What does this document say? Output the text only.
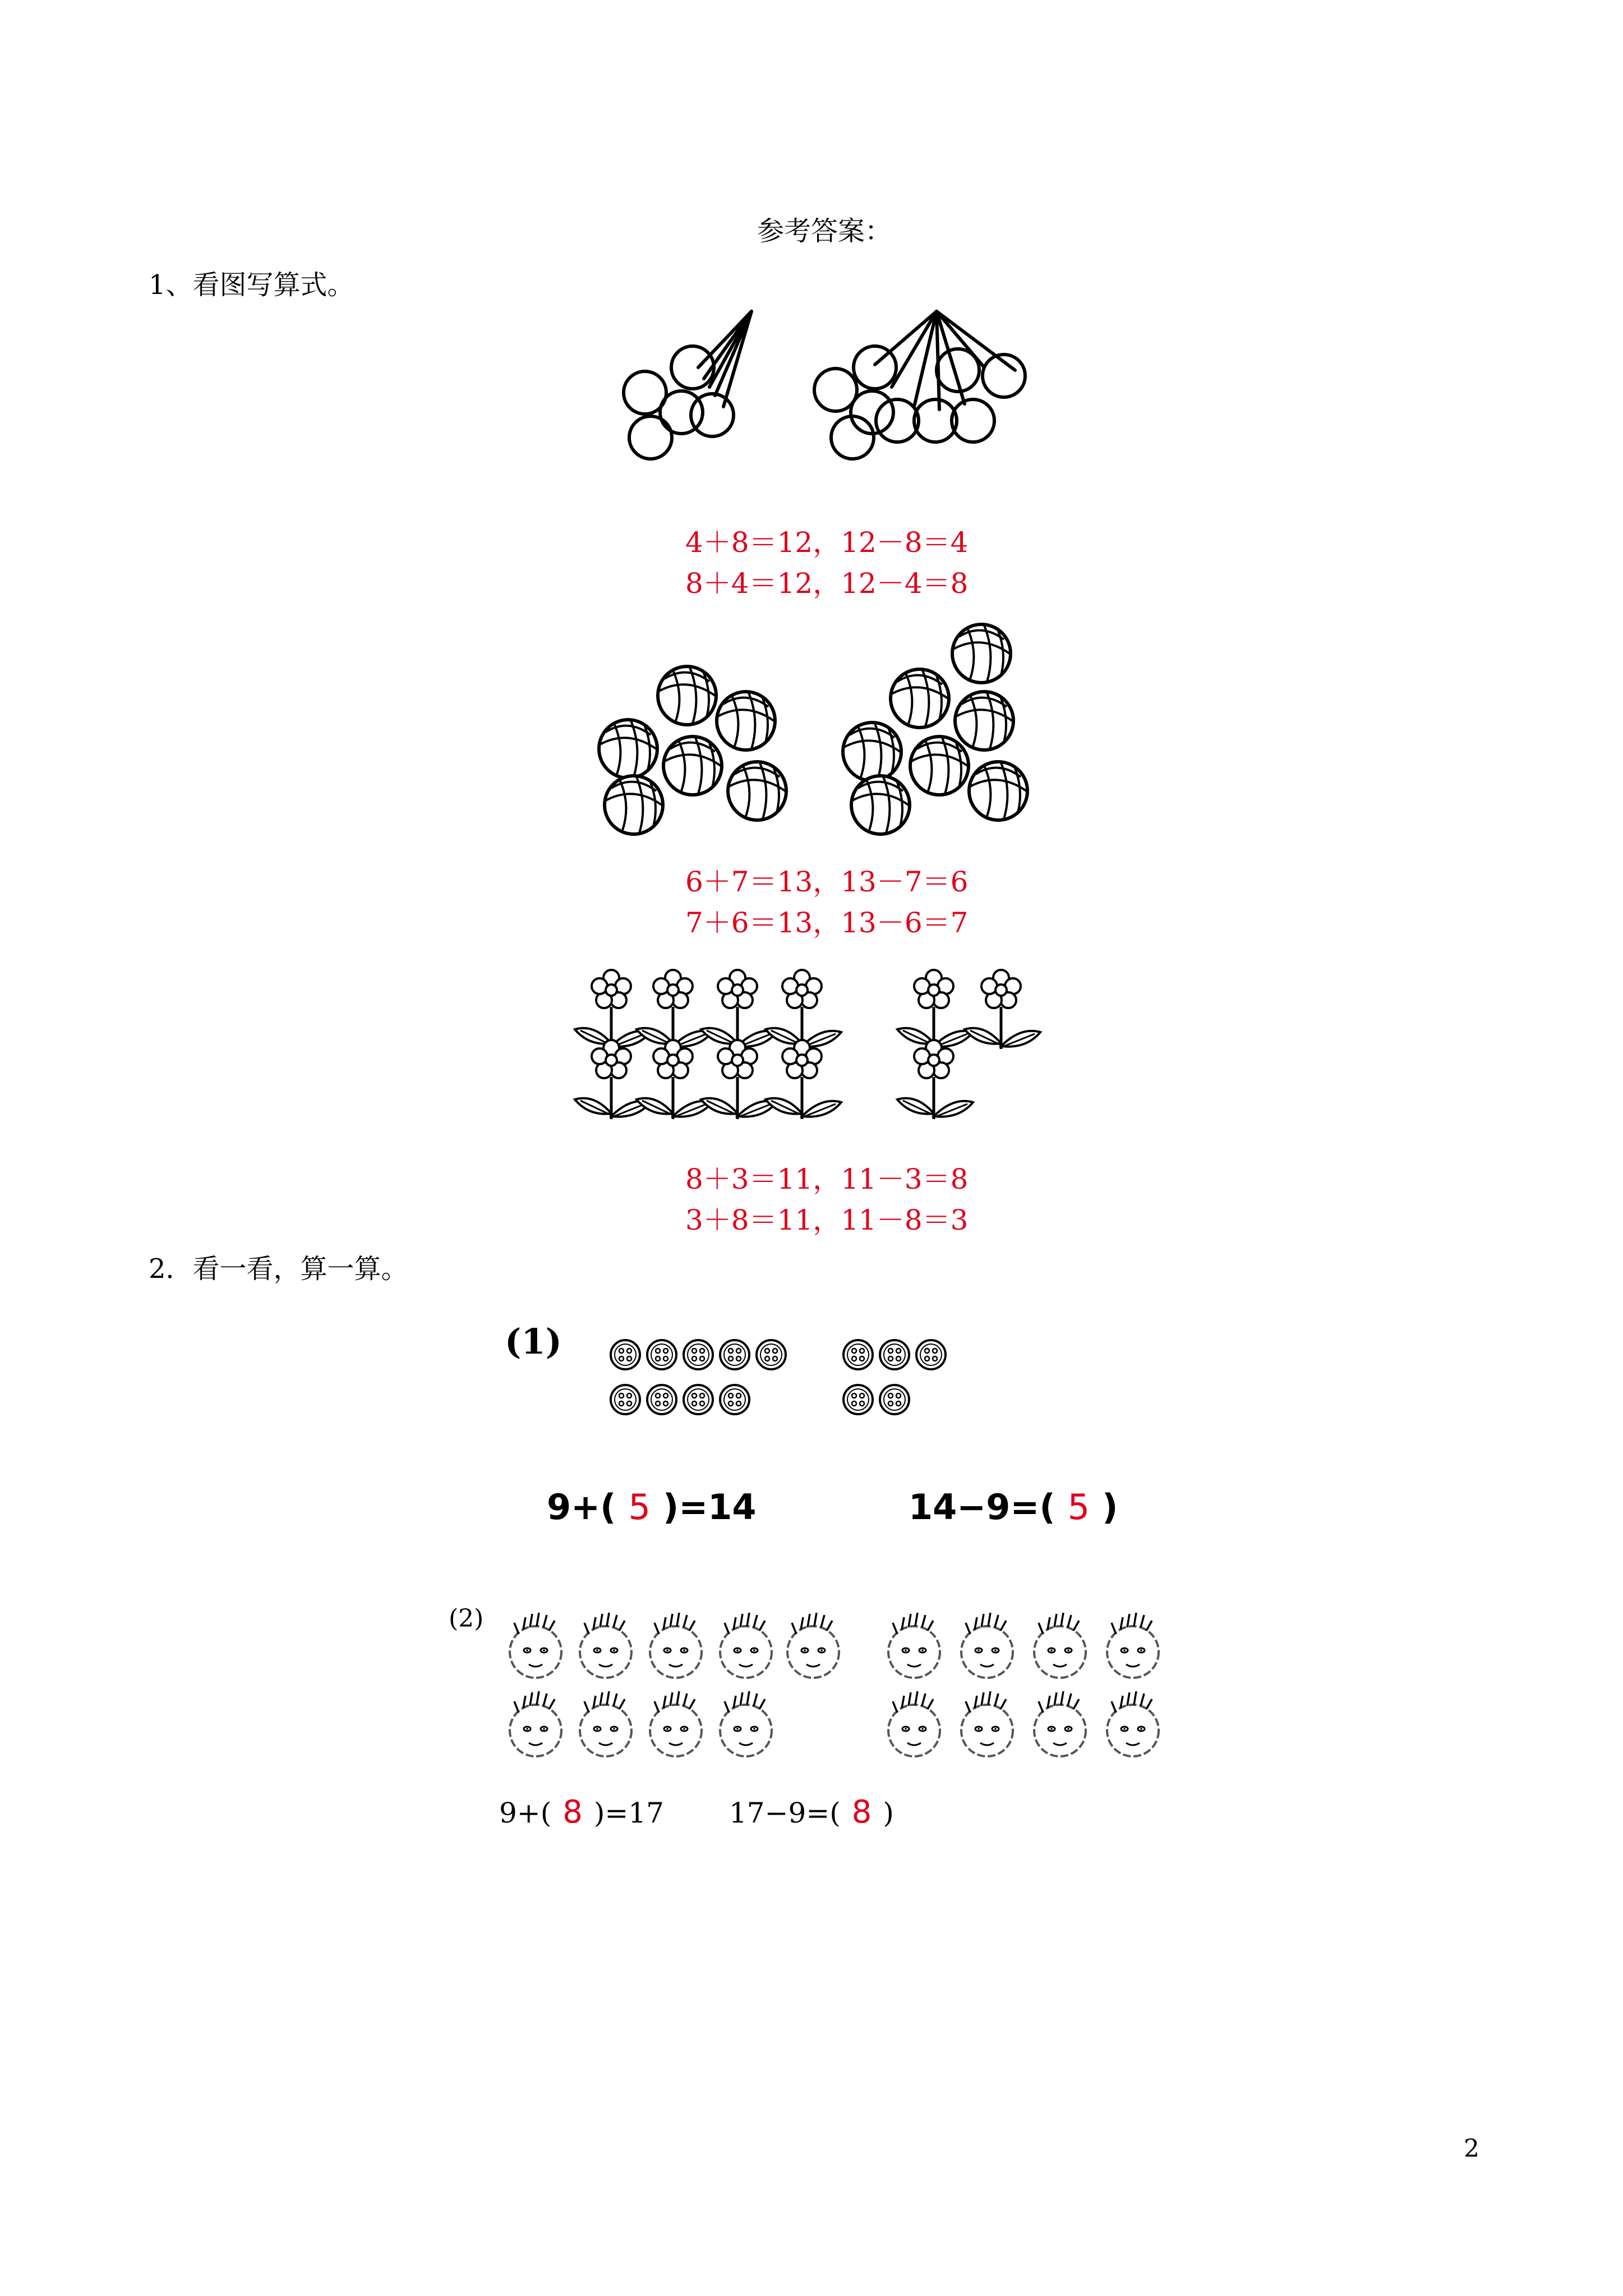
参考答案：
1、看图写算式。
4＋8＝12，12－8＝4
8＋4＝12，12－4＝8
6＋7＝13，13－7＝6
7＋6＝13，13－6＝7
8＋3＝11，11－3＝8
3＋8＝11，11－8＝3
2．看一看，算一算。
(1)
9+( 5 )=14	14−9=( 5 )
(2)
9+( 8 )=17 17−9=( 8 )
2
